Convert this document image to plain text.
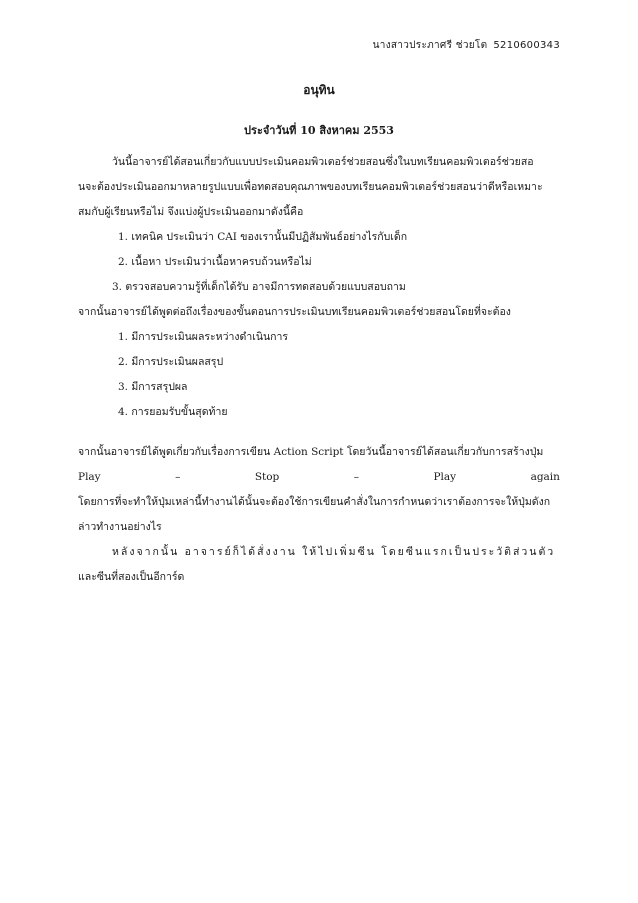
นางสาวประภาศรี ช่วยโต 5210600343
อนุทิน
ประจำวันที่ 10 สิงหาคม 2553
วันนี้อาจารย์ได้สอนเกี่ยวกับแบบประเมินคอมพิวเตอร์ช่วยสอนซึ่งในบทเรียนคอมพิวเตอร์ช่วยสอ
นจะต้องประเมินออกมาหลายรูปแบบเพื่อทดสอบคุณภาพของบทเรียนคอมพิวเตอร์ช่วยสอนว่าดีหรือเหมาะ
สมกับผู้เรียนหรือไม่ จึงแบ่งผู้ประเมินออกมาดังนี้คือ
1. เทคนิค ประเมินว่า CAI ของเรานั้นมีปฏิสัมพันธ์อย่างไรกับเด็ก
2. เนื้อหา ประเมินว่าเนื้อหาครบถ้วนหรือไม่
3. ตรวจสอบความรู้ที่เด็กได้รับ อาจมีการทดสอบด้วยแบบสอบถาม
จากนั้นอาจารย์ได้พูดต่อถึงเรื่องของขั้นตอนการประเมินบทเรียนคอมพิวเตอร์ช่วยสอนโดยที่จะต้อง
1. มีการประเมินผลระหว่างดำเนินการ
2. มีการประเมินผลสรุป
3. มีการสรุปผล
4. การยอมรับขั้นสุดท้าย
จากนั้นอาจารย์ได้พูดเกี่ยวกับเรื่องการเขียน Action Script โดยวันนี้อาจารย์ได้สอนเกี่ยวกับการสร้างปุ่ม
Play	–	Stop	–	Play	again
โดยการที่จะทำให้ปุ่มเหล่านี้ทำงานได้นั้นจะต้องใช้การเขียนคำสั่งในการกำหนดว่าเราต้องการจะให้ปุ่มดังก
ล่าวทำงานอย่างไร
หลังจากนั้น อาจารย์ก็ได้สั่งงาน ให้ไปเพิ่มซีน โดยซีนแรกเป็นประวัติส่วนตัว
และซีนที่สองเป็นอีการ์ด
